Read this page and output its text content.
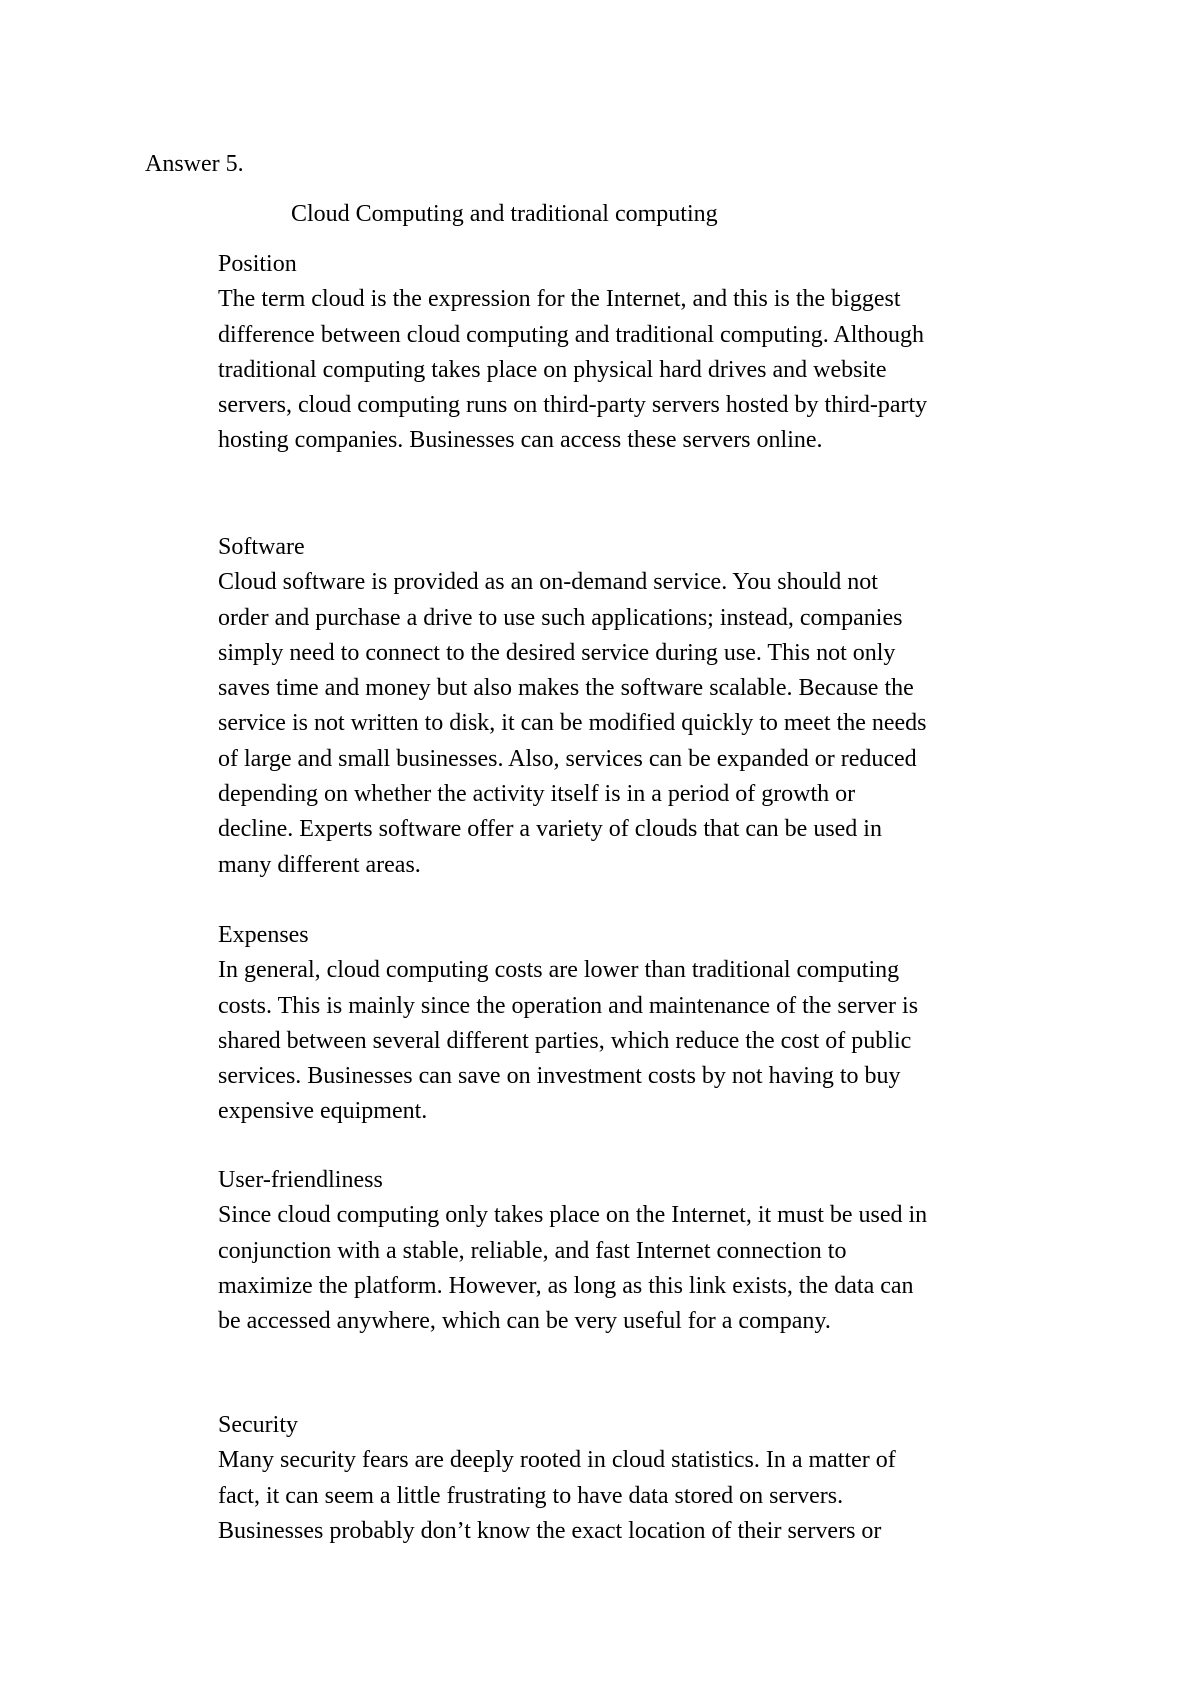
Answer 5.
Cloud Computing and traditional computing
Position
The term cloud is the expression for the Internet, and this is the biggest
difference between cloud computing and traditional computing. Although
traditional computing takes place on physical hard drives and website
servers, cloud computing runs on third-party servers hosted by third-party
hosting companies. Businesses can access these servers online.
Software
Cloud software is provided as an on-demand service. You should not
order and purchase a drive to use such applications; instead, companies
simply need to connect to the desired service during use. This not only
saves time and money but also makes the software scalable. Because the
service is not written to disk, it can be modified quickly to meet the needs
of large and small businesses. Also, services can be expanded or reduced
depending on whether the activity itself is in a period of growth or
decline. Experts software offer a variety of clouds that can be used in
many different areas.
Expenses
In general, cloud computing costs are lower than traditional computing
costs. This is mainly since the operation and maintenance of the server is
shared between several different parties, which reduce the cost of public
services. Businesses can save on investment costs by not having to buy
expensive equipment.
User-friendliness
Since cloud computing only takes place on the Internet, it must be used in
conjunction with a stable, reliable, and fast Internet connection to
maximize the platform. However, as long as this link exists, the data can
be accessed anywhere, which can be very useful for a company.
Security
Many security fears are deeply rooted in cloud statistics. In a matter of
fact, it can seem a little frustrating to have data stored on servers.
Businesses probably don’t know the exact location of their servers or
